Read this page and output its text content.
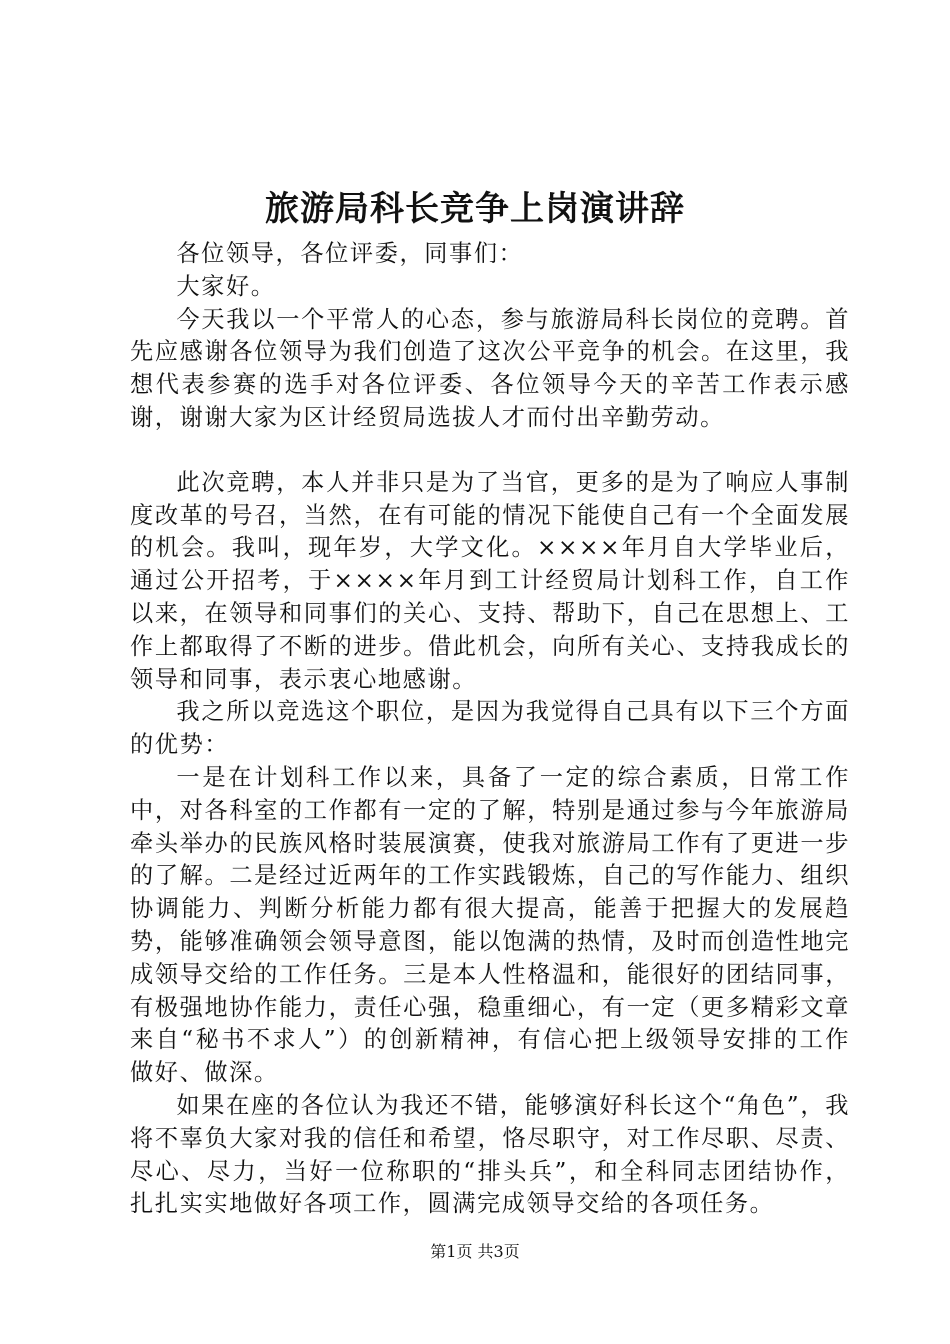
旅游局科长竞争上岗演讲辞

各位领导，各位评委，同事们：

大家好。

今天我以一个平常人的心态，参与旅游局科长岗位的竞聘。首先应感谢各位领导为我们创造了这次公平竞争的机会。在这里，我想代表参赛的选手对各位评委、各位领导今天的辛苦工作表示感谢，谢谢大家为区计经贸局选拔人才而付出辛勤劳动。

此次竞聘，本人并非只是为了当官，更多的是为了响应人事制度改革的号召，当然，在有可能的情况下能使自己有一个全面发展的机会。我叫，现年岁，大学文化。××××年月自大学毕业后，通过公开招考，于××××年月到工计经贸局计划科工作，自工作以来，在领导和同事们的关心、支持、帮助下，自己在思想上、工作上都取得了不断的进步。借此机会，向所有关心、支持我成长的领导和同事，表示衷心地感谢。

我之所以竞选这个职位，是因为我觉得自己具有以下三个方面的优势：

一是在计划科工作以来，具备了一定的综合素质，日常工作中，对各科室的工作都有一定的了解，特别是通过参与今年旅游局牵头举办的民族风格时装展演赛，使我对旅游局工作有了更进一步的了解。二是经过近两年的工作实践锻炼，自己的写作能力、组织协调能力、判断分析能力都有很大提高，能善于把握大的发展趋势，能够准确领会领导意图，能以饱满的热情，及时而创造性地完成领导交给的工作任务。三是本人性格温和，能很好的团结同事，有极强地协作能力，责任心强，稳重细心，有一定（更多精彩文章来自“秘书不求人”）的创新精神，有信心把上级领导安排的工作做好、做深。

如果在座的各位认为我还不错，能够演好科长这个“角色”，我将不辜负大家对我的信任和希望，恪尽职守，对工作尽职、尽责、尽心、尽力，当好一位称职的“排头兵”，和全科同志团结协作，扎扎实实地做好各项工作，圆满完成领导交给的各项任务。

第1页 共3页
